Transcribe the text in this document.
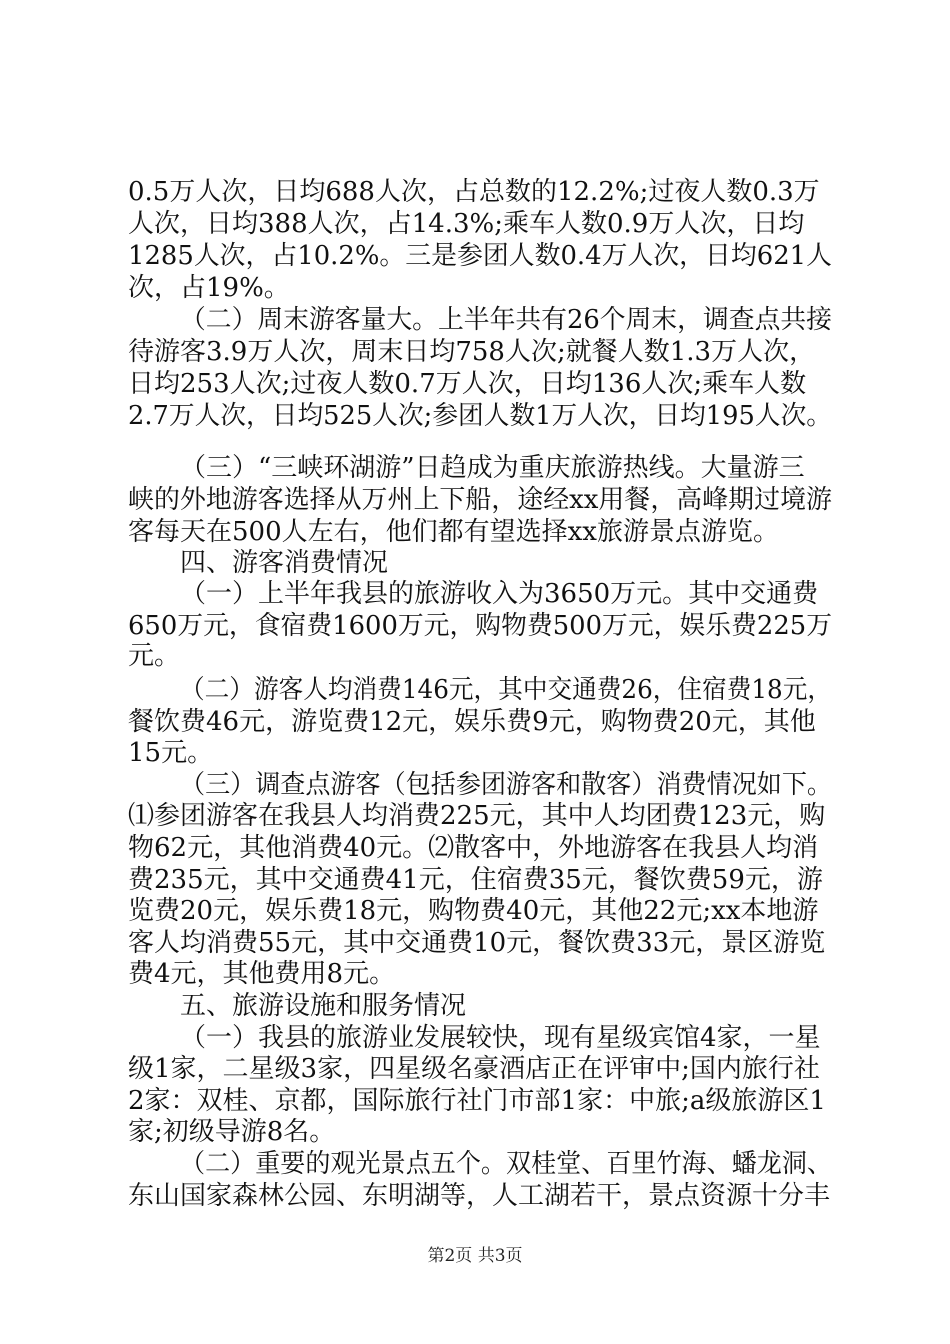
0.5万人次，日均688人次，占总数的12.2%;过夜人数0.3万
人次，日均388人次，占14.3%;乘车人数0.9万人次，日均
1285人次，占10.2%。三是参团人数0.4万人次，日均621人
次，占19%。
（二）周末游客量大。上半年共有26个周末，调查点共接
待游客3.9万人次，周末日均758人次;就餐人数1.3万人次，
日均253人次;过夜人数0.7万人次，日均136人次;乘车人数
2.7万人次，日均525人次;参团人数1万人次，日均195人次。
（三）“三峡环湖游”日趋成为重庆旅游热线。大量游三
峡的外地游客选择从万州上下船，途经xx用餐，高峰期过境游
客每天在500人左右，他们都有望选择xx旅游景点游览。
四、游客消费情况
（一）上半年我县的旅游收入为3650万元。其中交通费
650万元，食宿费1600万元，购物费500万元，娱乐费225万
元。
（二）游客人均消费146元，其中交通费26，住宿费18元，
餐饮费46元，游览费12元，娱乐费9元，购物费20元，其他
15元。
（三）调查点游客（包括参团游客和散客）消费情况如下。
⑴参团游客在我县人均消费225元，其中人均团费123元，购
物62元，其他消费40元。⑵散客中，外地游客在我县人均消
费235元，其中交通费41元，住宿费35元，餐饮费59元，游
览费20元，娱乐费18元，购物费40元，其他22元;xx本地游
客人均消费55元，其中交通费10元，餐饮费33元，景区游览
费4元，其他费用8元。
五、旅游设施和服务情况
（一）我县的旅游业发展较快，现有星级宾馆4家，一星
级1家，二星级3家，四星级名豪酒店正在评审中;国内旅行社
2家：双桂、京都，国际旅行社门市部1家：中旅;a级旅游区1
家;初级导游8名。
（二）重要的观光景点五个。双桂堂、百里竹海、蟠龙洞、
东山国家森林公园、东明湖等，人工湖若干，景点资源十分丰
第2页 共3页
